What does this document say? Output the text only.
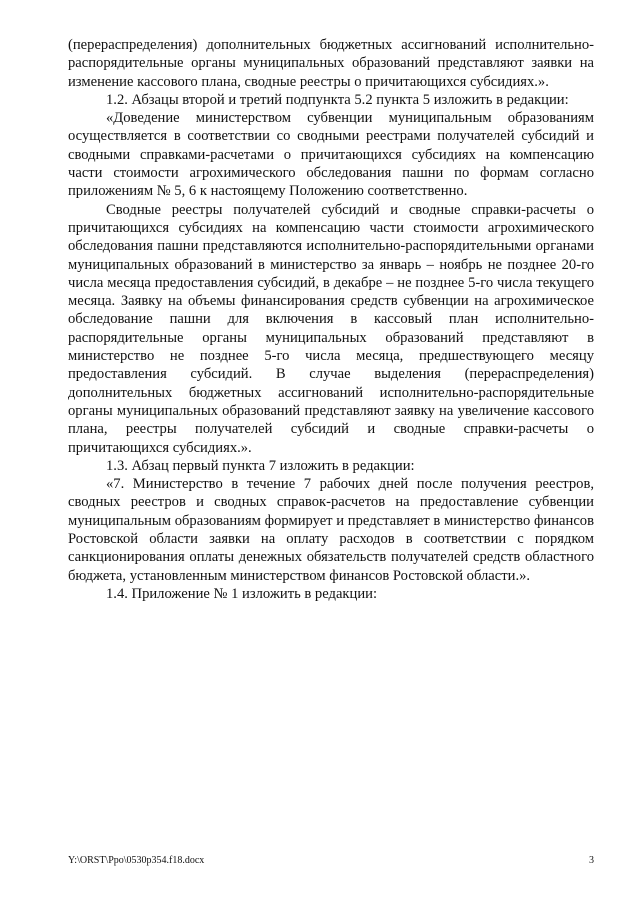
(перераспределения) дополнительных бюджетных ассигнований исполнительно-распорядительные органы муниципальных образований представляют заявки на изменение кассового плана, сводные реестры о причитающихся субсидиях.».

1.2. Абзацы второй и третий подпункта 5.2 пункта 5 изложить в редакции:

«Доведение министерством субвенции муниципальным образованиям осуществляется в соответствии со сводными реестрами получателей субсидий и сводными справками-расчетами о причитающихся субсидиях на компенсацию части стоимости агрохимического обследования пашни по формам согласно приложениям № 5, 6 к настоящему Положению соответственно.

Сводные реестры получателей субсидий и сводные справки-расчеты о причитающихся субсидиях на компенсацию части стоимости агрохимического обследования пашни представляются исполнительно-распорядительными органами муниципальных образований в министерство за январь – ноябрь не позднее 20-го числа месяца предоставления субсидий, в декабре – не позднее 5-го числа текущего месяца. Заявку на объемы финансирования средств субвенции на агрохимическое обследование пашни для включения в кассовый план исполнительно-распорядительные органы муниципальных образований представляют в министерство не позднее 5-го числа месяца, предшествующего месяцу предоставления субсидий. В случае выделения (перераспределения) дополнительных бюджетных ассигнований исполнительно-распорядительные органы муниципальных образований представляют заявку на увеличение кассового плана, реестры получателей субсидий и сводные справки-расчеты о причитающихся субсидиях.».

1.3. Абзац первый пункта 7 изложить в редакции:

«7. Министерство в течение 7 рабочих дней после получения реестров, сводных реестров и сводных справок-расчетов на предоставление субвенции муниципальным образованиям формирует и представляет в министерство финансов Ростовской области заявки на оплату расходов в соответствии с порядком санкционирования оплаты денежных обязательств получателей средств областного бюджета, установленным министерством финансов Ростовской области.».

1.4. Приложение № 1 изложить в редакции:

Y:\ORST\Ppo\0530p354.f18.docx	3
